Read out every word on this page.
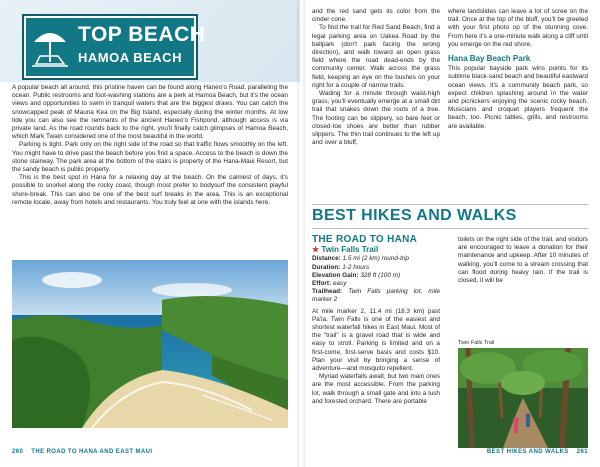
TOP BEACH
HAMOA BEACH

A popular beach all around, this pristine haven can be found along Haneo'o Road, paralleling the ocean. Public restrooms and foot-washing stations are a perk at Hamoa Beach, but it's the ocean views and opportunities to swim in tranquil waters that are the biggest draws. You can catch the snowcapped peak of Mauna Kea on the Big Island, especially during the winter months. At low tide you can also see the remnants of the ancient Haneo'o Fishpond, although access is via private land. As the road rounds back to the right, you'll finally catch glimpses of Hamoa Beach, which Mark Twain considered one of the most beautiful in the world.

Parking is tight. Park only on the right side of the road so that traffic flows smoothly on the left. You might have to drive past the beach before you find a space. Access to the beach is down the stone stairway. The park area at the bottom of the stairs is property of the Hana-Maui Resort, but the sandy beach is public property.

This is the best spot in Hana for a relaxing day at the beach. On the calmest of days, it's possible to snorkel along the rocky coast, though most prefer to bodysurf the consistent playful shore-break. This can also be one of the best surf breaks in the area. This is an exceptional remote locale, away from hotels and restaurants. You truly feel at one with the islands here.

260 THE ROAD TO HANA AND EAST MAUI

and the red sand gets its color from the cinder cone.

To find the trail for Red Sand Beach, find a legal parking area on Uakea Road by the ballpark (don't park facing the wrong direction), and walk toward an open grass field where the road dead-ends by the community center. Walk across the grass field, keeping an eye on the bushes on your right for a couple of narrow trails.

Wading for a minute through waist-high grass, you'll eventually emerge at a small dirt trail that snakes down the roots of a tree. The footing can be slippery, so bare feet or closed-toe shoes are better than rubber slippers. The thin trail continues to the left up and over a bluff,

where landslides can leave a lot of scree on the trail. Once at the top of the bluff, you'll be greeted with your first photo op of the stunning cove. From here it's a one-minute walk along a cliff until you emerge on the red shore.

Hana Bay Beach Park

This popular bayside park wins points for its sublime black-sand beach and beautiful eastward ocean views. It's a community beach park, so expect children splashing around in the water and picnickers enjoying the scenic rocky beach. Musicians and croquet players frequent the beach, too. Picnic tables, grills, and restrooms are available.

BEST HIKES AND WALKS
THE ROAD TO HANA
★ Twin Falls Trail
Distance: 1.5 mi (2 km) round-trip
Duration: 1-2 hours
Elevation Gain: 328 ft (100 m)
Effort: easy
Trailhead: Twin Falls parking lot, mile marker 2

At mile marker 2, 11.4 mi (18.3 km) past Pa'ia, Twin Falls is one of the easiest and shortest waterfall hikes in East Maui. Most of the "trail" is a gravel road that is wide and easy to stroll. Parking is limited and on a first-come, first-serve basis and costs $10. Plan your visit by bringing a sense of adventure—and mosquito repellent.

Myriad waterfalls await, but two main ones are the most accessible. From the parking lot, walk through a small gate and into a lush and forested orchard. There are portable

toilets on the right side of the trail, and visitors are encouraged to leave a donation for their maintenance and upkeep. After 10 minutes of walking, you'll come to a stream crossing that can flood during heavy rain. If the trail is closed, it will be

Twin Falls Trail
BEST HIKES AND WALKS 261
